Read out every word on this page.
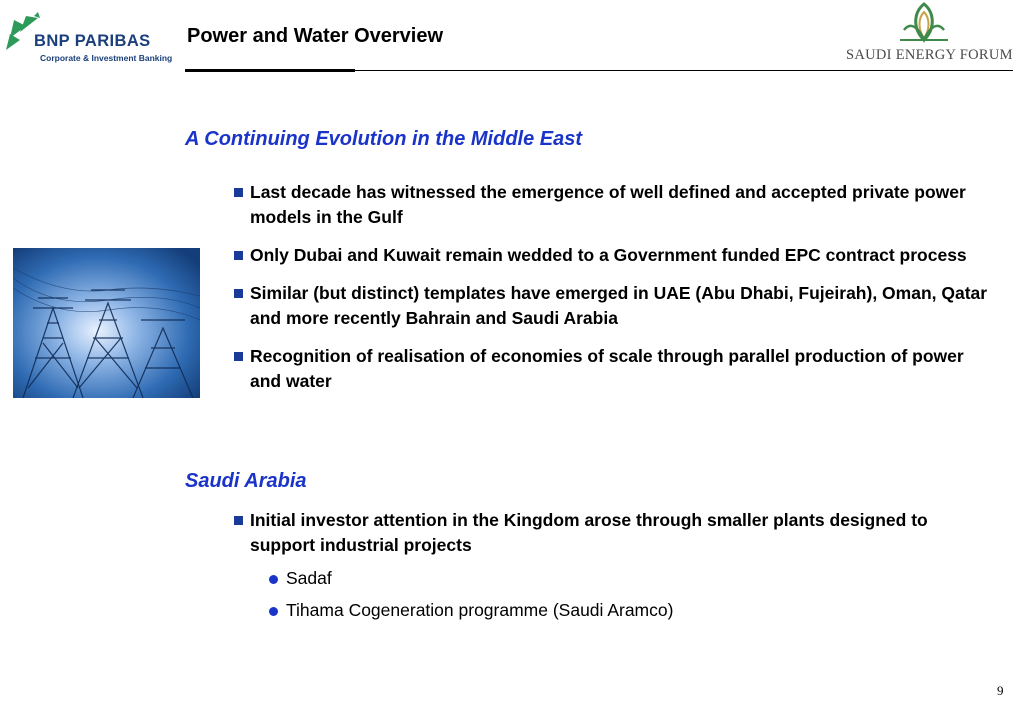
BNP PARIBAS
Corporate & Investment Banking
Power and Water Overview
SAUDI ENERGY FORUM
A Continuing Evolution in the Middle East
Last decade has witnessed the emergence of well defined and accepted private power models in the Gulf
Only Dubai and Kuwait remain wedded to a Government funded EPC contract process
Similar (but distinct) templates have emerged in UAE (Abu Dhabi, Fujeirah), Oman, Qatar and more recently Bahrain and Saudi Arabia
Recognition of realisation of economies of scale through parallel production of power and water
Saudi Arabia
Initial investor attention in the Kingdom arose through smaller plants designed to support industrial projects
Sadaf
Tihama Cogeneration programme (Saudi Aramco)
9
